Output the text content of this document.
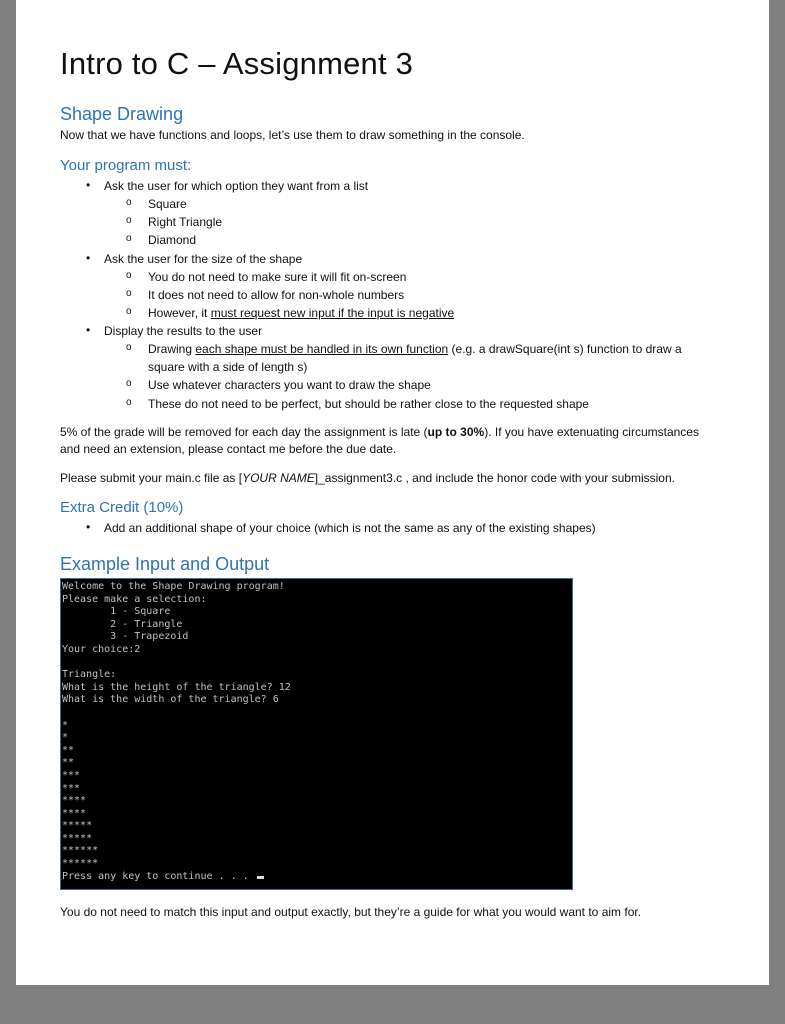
Intro to C – Assignment 3
Shape Drawing

Now that we have functions and loops, let’s use them to draw something in the console.

Your program must:
• Ask the user for which option they want from a list
o Square
o Right Triangle
o Diamond
• Ask the user for the size of the shape
o You do not need to make sure it will fit on-screen
o It does not need to allow for non-whole numbers
o However, it must request new input if the input is negative
• Display the results to the user
o Drawing each shape must be handled in its own function (e.g. a drawSquare(int s) function to draw a
square with a side of length s)
o Use whatever characters you want to draw the shape
o These do not need to be perfect, but should be rather close to the requested shape

5% of the grade will be removed for each day the assignment is late (up to 30%). If you have extenuating circumstances
and need an extension, please contact me before the due date.

Please submit your main.c file as [YOUR NAME]_assignment3.c , and include the honor code with your submission.

Extra Credit (10%)
• Add an additional shape of your choice (which is not the same as any of the existing shapes)
Example Input and Output
Welcome to the Shape Drawing program!
Please make a selection:
1 - Square
2 - Triangle
3 - Trapezoid
Your choice:2
Triangle:
What is the height of the triangle? 12
What is the width of the triangle? 6
*
*
**
**
***
***
****
****
*****
*****
******
******
Press any key to continue . . .

You do not need to match this input and output exactly, but they’re a guide for what you would want to aim for.
